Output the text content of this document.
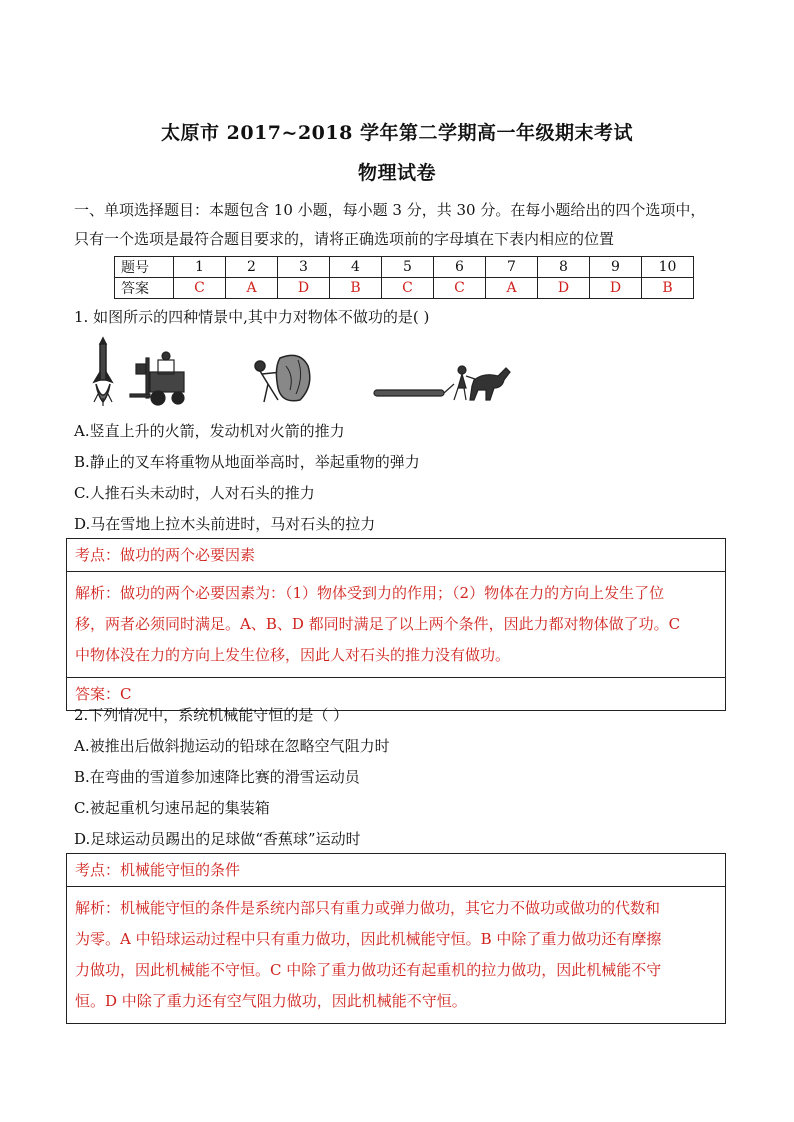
太原市 2017~2018 学年第二学期高一年级期末考试
物理试卷
一、单项选择题目：本题包含 10 小题，每小题 3 分，共 30 分。在每小题给出的四个选项中，
只有一个选项是最符合题目要求的，请将正确选项前的字母填在下表内相应的位置
题号	1	2	3	4	5	6	7	8	9	10
答案	C	A	D	B	C	C	A	D	D	B
1. 如图所示的四种情景中,其中力对物体不做功的是( )
A.竖直上升的火箭，发动机对火箭的推力
B.静止的叉车将重物从地面举高时，举起重物的弹力
C.人推石头未动时，人对石头的推力
D.马在雪地上拉木头前进时，马对石头的拉力
考点：做功的两个必要因素
解析：做功的两个必要因素为：（1）物体受到力的作用；（2）物体在力的方向上发生了位
移，两者必须同时满足。A、B、D 都同时满足了以上两个条件，因此力都对物体做了功。C
中物体没在力的方向上发生位移，因此人对石头的推力没有做功。
答案：C
2.下列情况中，系统机械能守恒的是（ ）
A.被推出后做斜抛运动的铅球在忽略空气阻力时
B.在弯曲的雪道参加速降比赛的滑雪运动员
C.被起重机匀速吊起的集装箱
D.足球运动员踢出的足球做“香蕉球”运动时
考点：机械能守恒的条件
解析：机械能守恒的条件是系统内部只有重力或弹力做功，其它力不做功或做功的代数和
为零。A 中铅球运动过程中只有重力做功，因此机械能守恒。B 中除了重力做功还有摩擦
力做功，因此机械能不守恒。C 中除了重力做功还有起重机的拉力做功，因此机械能不守
恒。D 中除了重力还有空气阻力做功，因此机械能不守恒。
